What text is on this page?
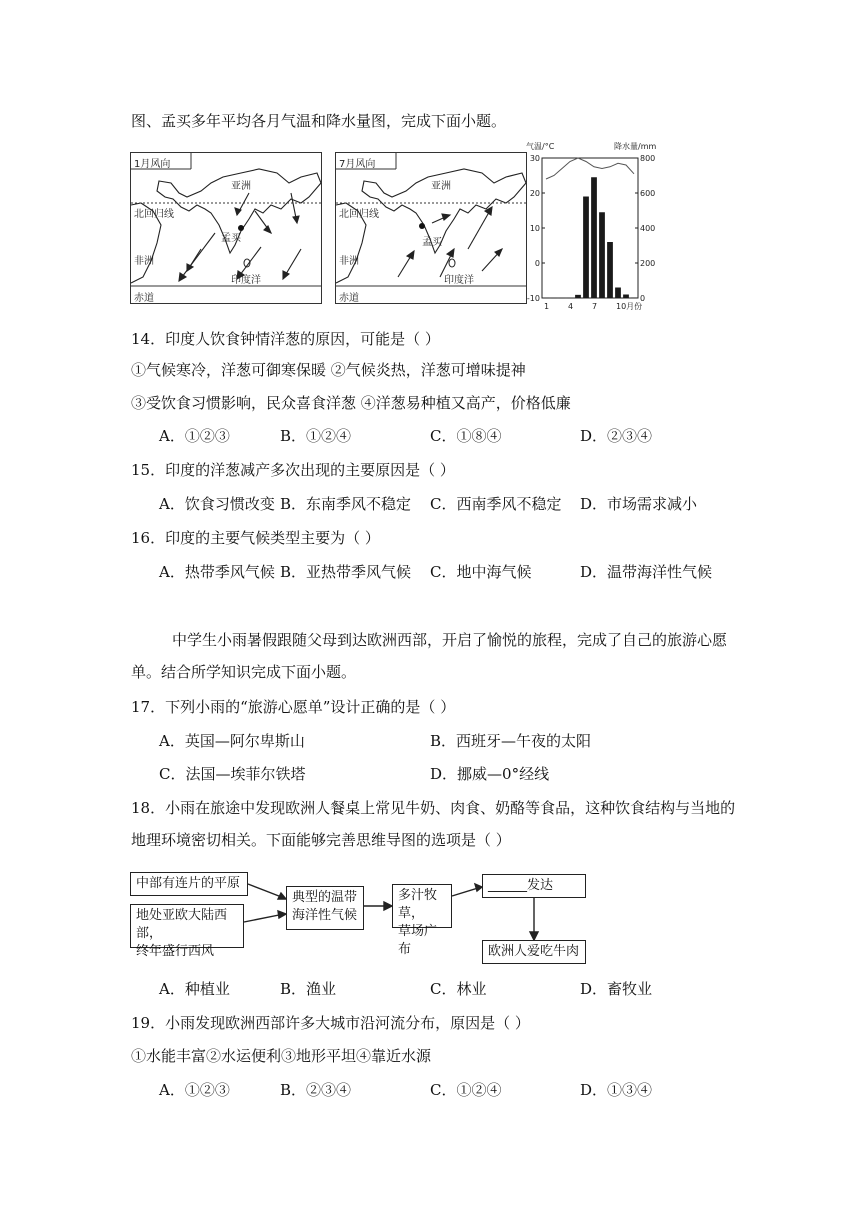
图、孟买多年平均各月气温和降水量图，完成下面小题。
1月风向
亚洲
北回归线
孟买
非洲
印度洋
赤道
7月风向
亚洲
北回归线
孟买
非洲
印度洋
赤道
气温/°C	降水量/mm
30
20
10
0
-10
800
600
400
200
0
1 4 7 10月份
14．印度人饮食钟情洋葱的原因，可能是（ ）
①气候寒冷，洋葱可御寒保暖 ②气候炎热，洋葱可增味提神
③受饮食习惯影响，民众喜食洋葱 ④洋葱易种植又高产，价格低廉
A．①②③	B．①②④	C．①⑧④	D．②③④
15．印度的洋葱减产多次出现的主要原因是（ ）
A．饮食习惯改变 B．东南季风不稳定 C．西南季风不稳定 D．市场需求减小
16．印度的主要气候类型主要为（ ）
A．热带季风气候 B．亚热带季风气候 C．地中海气候	D．温带海洋性气候
中学生小雨暑假跟随父母到达欧洲西部，开启了愉悦的旅程，完成了自己的旅游心愿
单。结合所学知识完成下面小题。
17．下列小雨的“旅游心愿单”设计正确的是（ ）
A．英国—阿尔卑斯山	B．西班牙—午夜的太阳
C．法国—埃菲尔铁塔	D．挪威—0°经线
18．小雨在旅途中发现欧洲人餐桌上常见牛奶、肉食、奶酪等食品，这种饮食结构与当地的
地理环境密切相关。下面能够完善思维导图的选项是（ ）
中部有连片的平原
地处亚欧大陆西部，
终年盛行西风
典型的温带
海洋性气候
多汁牧草，
草场广布
______发达
欧洲人爱吃牛肉
A．种植业	B．渔业	C．林业	D．畜牧业
19．小雨发现欧洲西部许多大城市沿河流分布，原因是（ ）
①水能丰富②水运便利③地形平坦④靠近水源
A．①②③	B．②③④	C．①②④	D．①③④
